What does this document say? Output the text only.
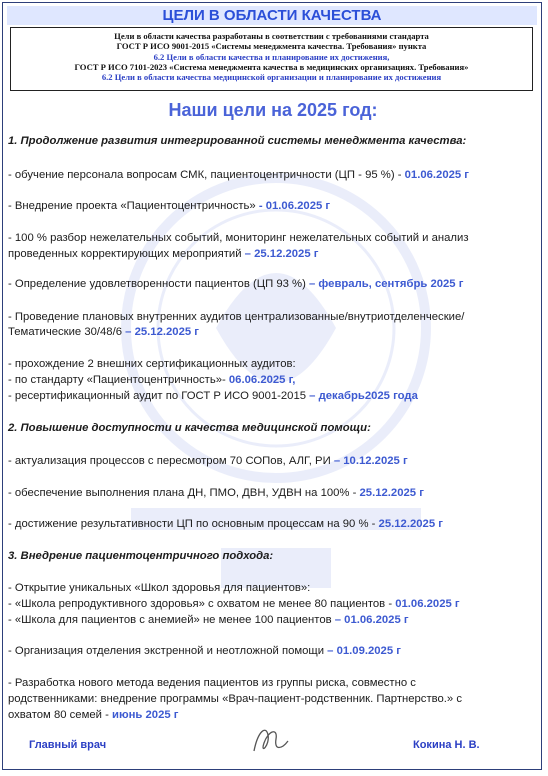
ЦЕЛИ В ОБЛАСТИ КАЧЕСТВА
Цели в области качества разработаны в соответствии с требованиями стандарта
ГОСТ Р ИСО 9001-2015 «Системы менеджмента качества. Требования» пункта
6.2 Цели в области качества и планирование их достижения,
ГОСТ Р ИСО 7101-2023 «Система менеджмента качества в медицинских организациях. Требования»
6.2 Цели в области качества медицинской организации и планирование их достижения
Наши цели на 2025 год:
1. Продолжение развития интегрированной системы менеджмента качества:
- обучение персонала вопросам СМК, пациентоцентричности (ЦП - 95 %) - 01.06.2025 г
- Внедрение проекта «Пациентоцентричность» - 01.06.2025 г
- 100 % разбор нежелательных событий, мониторинг нежелательных событий и анализ
проведенных корректирующих мероприятий – 25.12.2025 г
- Определение удовлетворенности пациентов (ЦП 93 %) – февраль, сентябрь 2025 г
- Проведение плановых внутренних аудитов централизованные/внутриотделенческие/
Тематические 30/48/6 – 25.12.2025 г
- прохождение 2 внешних сертификационных аудитов:
- по стандарту «Пациентоцентричность»- 06.06.2025 г,
- ресертификационный аудит по ГОСТ Р ИСО 9001-2015 – декабрь2025 года
2. Повышение доступности и качества медицинской помощи:
- актуализация процессов с пересмотром 70 СОПов, АЛГ, РИ – 10.12.2025 г
- обеспечение выполнения плана ДН, ПМО, ДВН, УДВН на 100% - 25.12.2025 г
- достижение результативности ЦП по основным процессам на 90 % - 25.12.2025 г
3. Внедрение пациентоцентричного подхода:
- Открытие уникальных «Школ здоровья для пациентов»:
- «Школа репродуктивного здоровья» с охватом не менее 80 пациентов - 01.06.2025 г
- «Школа для пациентов с анемией» не менее 100 пациентов – 01.06.2025 г
- Организация отделения экстренной и неотложной помощи – 01.09.2025 г
- Разработка нового метода ведения пациентов из группы риска, совместно с
родственниками: внедрение программы «Врач-пациент-родственник. Партнерство.» с
охватом 80 семей - июнь 2025 г
Главный врач	Кокина Н. В.
